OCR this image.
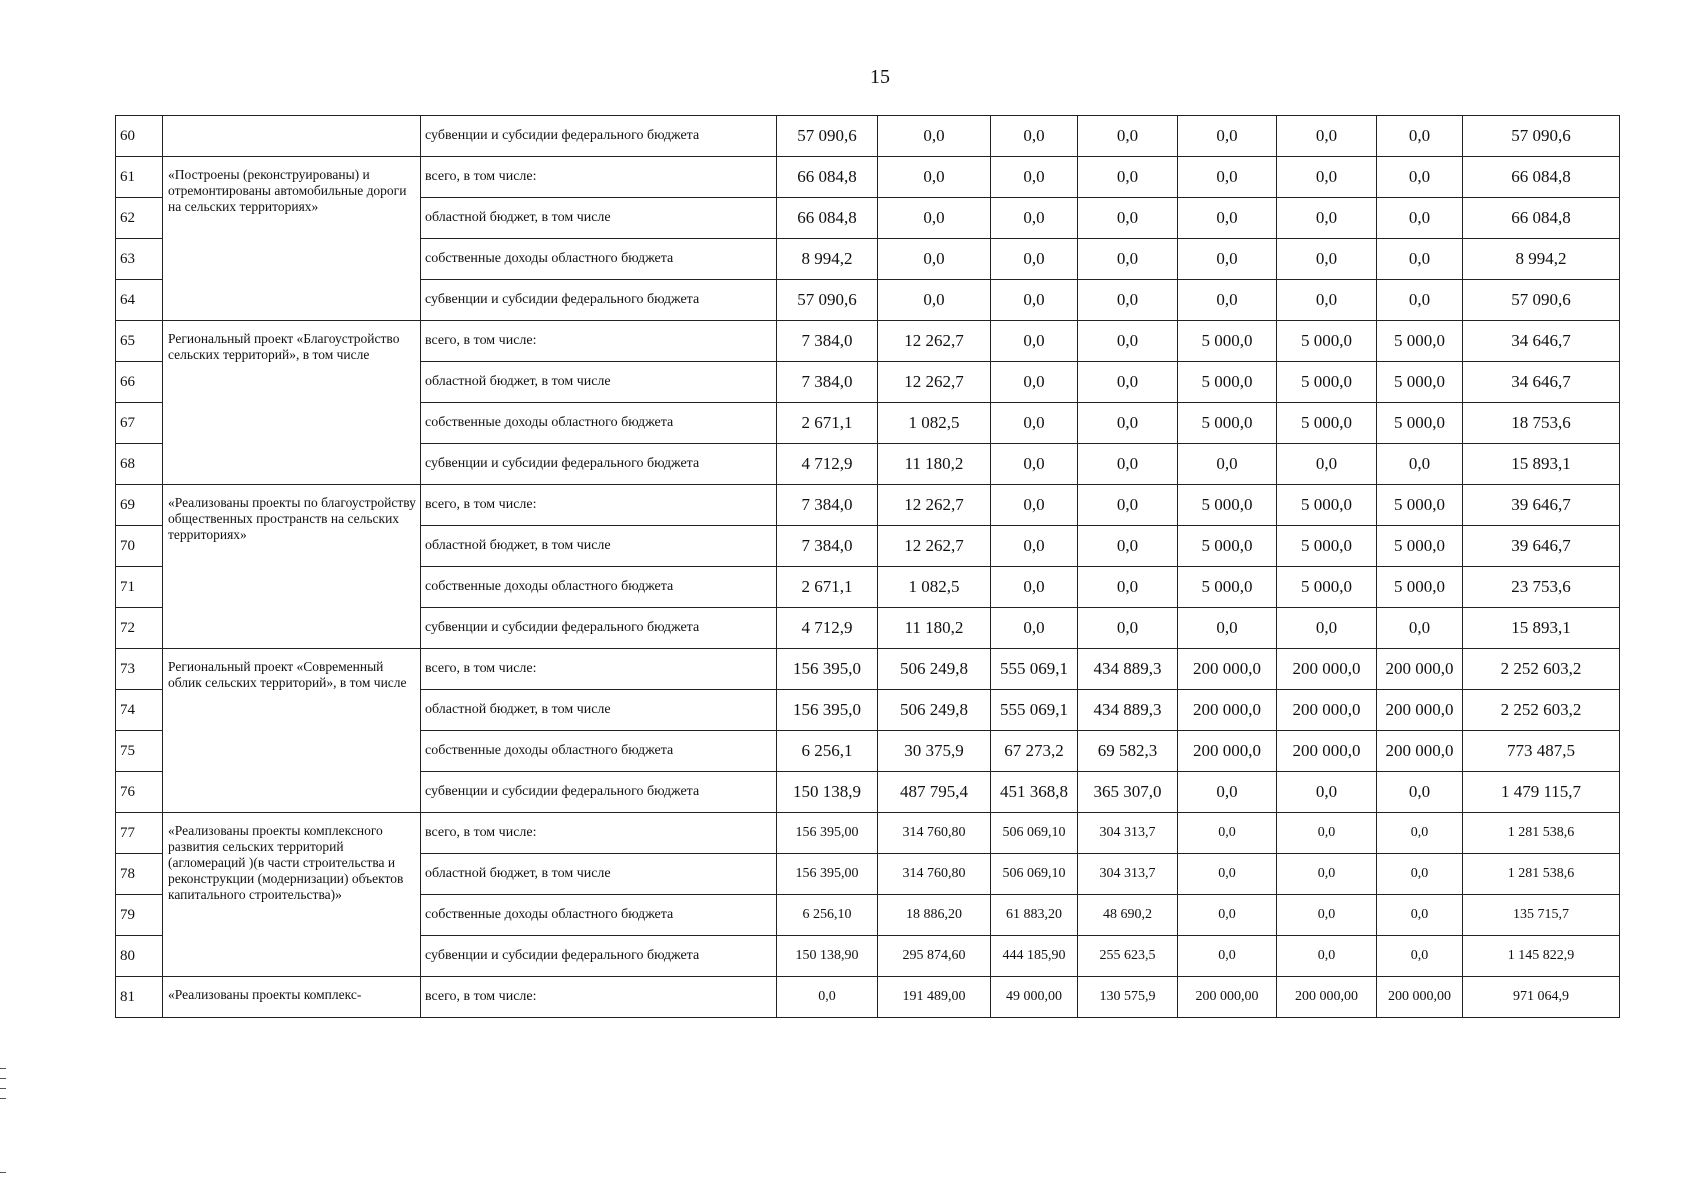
15
60		субвенции и субсидии федерального бюджета	57 090,6	0,0	0,0	0,0	0,0	0,0	0,0	57 090,6
61	«Построены (реконструированы) и отремонтированы автомобильные дороги на сельских территориях»	всего, в том числе:	66 084,8	0,0	0,0	0,0	0,0	0,0	0,0	66 084,8
62		областной бюджет, в том числе	66 084,8	0,0	0,0	0,0	0,0	0,0	0,0	66 084,8
63		собственные доходы областного бюджета	8 994,2	0,0	0,0	0,0	0,0	0,0	0,0	8 994,2
64		субвенции и субсидии федерального бюджета	57 090,6	0,0	0,0	0,0	0,0	0,0	0,0	57 090,6
65	Региональный проект «Благоустройство сельских территорий», в том числе	всего, в том числе:	7 384,0	12 262,7	0,0	0,0	5 000,0	5 000,0	5 000,0	34 646,7
66		областной бюджет, в том числе	7 384,0	12 262,7	0,0	0,0	5 000,0	5 000,0	5 000,0	34 646,7
67		собственные доходы областного бюджета	2 671,1	1 082,5	0,0	0,0	5 000,0	5 000,0	5 000,0	18 753,6
68		субвенции и субсидии федерального бюджета	4 712,9	11 180,2	0,0	0,0	0,0	0,0	0,0	15 893,1
69	«Реализованы проекты по благоустройству общественных пространств на сельских территориях»	всего, в том числе:	7 384,0	12 262,7	0,0	0,0	5 000,0	5 000,0	5 000,0	39 646,7
70		областной бюджет, в том числе	7 384,0	12 262,7	0,0	0,0	5 000,0	5 000,0	5 000,0	39 646,7
71		собственные доходы областного бюджета	2 671,1	1 082,5	0,0	0,0	5 000,0	5 000,0	5 000,0	23 753,6
72		субвенции и субсидии федерального бюджета	4 712,9	11 180,2	0,0	0,0	0,0	0,0	0,0	15 893,1
73	Региональный проект «Современный облик сельских территорий», в том числе	всего, в том числе:	156 395,0	506 249,8	555 069,1	434 889,3	200 000,0	200 000,0	200 000,0	2 252 603,2
74		областной бюджет, в том числе	156 395,0	506 249,8	555 069,1	434 889,3	200 000,0	200 000,0	200 000,0	2 252 603,2
75		собственные доходы областного бюджета	6 256,1	30 375,9	67 273,2	69 582,3	200 000,0	200 000,0	200 000,0	773 487,5
76		субвенции и субсидии федерального бюджета	150 138,9	487 795,4	451 368,8	365 307,0	0,0	0,0	0,0	1 479 115,7
77	«Реализованы проекты комплексного развития сельских территорий (агломераций )(в части строительства и реконструкции (модернизации) объектов капитального строительства)»	всего, в том числе:	156 395,00	314 760,80	506 069,10	304 313,7	0,0	0,0	0,0	1 281 538,6
78		областной бюджет, в том числе	156 395,00	314 760,80	506 069,10	304 313,7	0,0	0,0	0,0	1 281 538,6
79		собственные доходы областного бюджета	6 256,10	18 886,20	61 883,20	48 690,2	0,0	0,0	0,0	135 715,7
80		субвенции и субсидии федерального бюджета	150 138,90	295 874,60	444 185,90	255 623,5	0,0	0,0	0,0	1 145 822,9
81	«Реализованы проекты комплекс-	всего, в том числе:	0,0	191 489,00	49 000,00	130 575,9	200 000,00	200 000,00	200 000,00	971 064,9
